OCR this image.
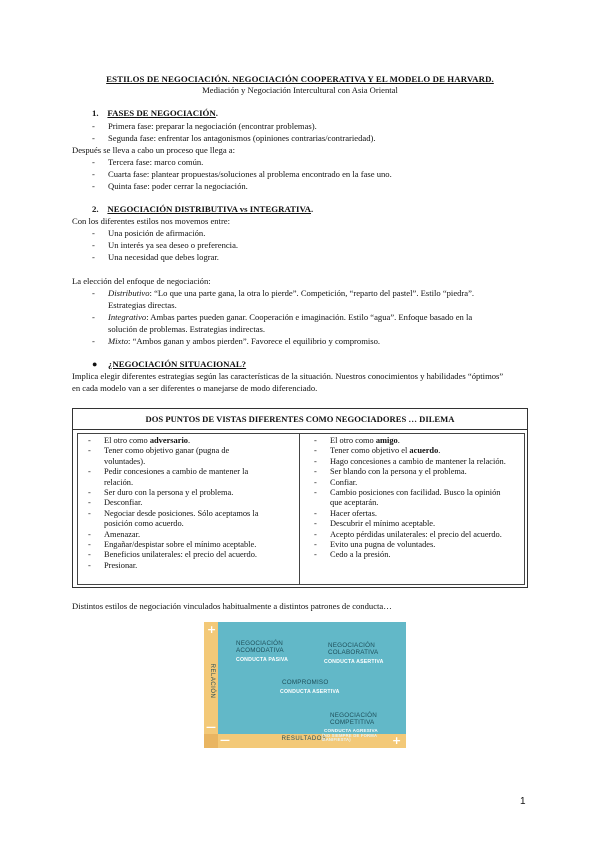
ESTILOS DE NEGOCIACIÓN. NEGOCIACIÓN COOPERATIVA Y EL MODELO DE HARVARD.
Mediación y Negociación Intercultural con Asia Oriental
1. FASES DE NEGOCIACIÓN.
- Primera fase: preparar la negociación (encontrar problemas).
- Segunda fase: enfrentar los antagonismos (opiniones contrarias/contrariedad).
Después se lleva a cabo un proceso que llega a:
- Tercera fase: marco común.
- Cuarta fase: plantear propuestas/soluciones al problema encontrado en la fase uno.
- Quinta fase: poder cerrar la negociación.
2. NEGOCIACIÓN DISTRIBUTIVA vs INTEGRATIVA.
Con los diferentes estilos nos movemos entre:
- Una posición de afirmación.
- Un interés ya sea deseo o preferencia.
- Una necesidad que debes lograr.
La elección del enfoque de negociación:
- Distributivo: “Lo que una parte gana, la otra lo pierde”. Competición, “reparto del pastel”. Estilo “piedra”.
Estrategias directas.
- Integrativo: Ambas partes pueden ganar. Cooperación e imaginación. Estilo “agua”. Enfoque basado en la
solución de problemas. Estrategias indirectas.
- Mixto: “Ambos ganan y ambos pierden”. Favorece el equilibrio y compromiso.
● ¿NEGOCIACIÓN SITUACIONAL?
Implica elegir diferentes estrategias según las características de la situación. Nuestros conocimientos y habilidades “óptimos”
en cada modelo van a ser diferentes o manejarse de modo diferenciado.
DOS PUNTOS DE VISTAS DIFERENTES COMO NEGOCIADORES … DILEMA
- El otro como adversario.
- Tener como objetivo ganar (pugna de voluntades).
- Pedir concesiones a cambio de mantener la relación.
- Ser duro con la persona y el problema.
- Desconfiar.
- Negociar desde posiciones. Sólo aceptamos la posición como acuerdo.
- Amenazar.
- Engañar/despistar sobre el mínimo aceptable.
- Beneficios unilaterales: el precio del acuerdo.
- Presionar.
- El otro como amigo.
- Tener como objetivo el acuerdo.
- Hago concesiones a cambio de mantener la relación.
- Ser blando con la persona y el problema.
- Confiar.
- Cambio posiciones con facilidad. Busco la opinión que aceptarán.
- Hacer ofertas.
- Descubrir el mínimo aceptable.
- Acepto pérdidas unilaterales: el precio del acuerdo.
- Evito una pugna de voluntades.
- Cedo a la presión.
Distintos estilos de negociación vinculados habitualmente a distintos patrones de conducta…
+
—
—	+
RELACIÓN
RESULTADOS
NEGOCIACIÓN
ACOMODATIVA
CONDUCTA PASIVA
NEGOCIACIÓN
COLABORATIVA
CONDUCTA ASERTIVA
COMPROMISO
CONDUCTA ASERTIVA
NEGOCIACIÓN
COMPETITIVA
CONDUCTA AGRESIVA
(NO SIEMPRE DE FORMA
MANIFIESTA)
1
